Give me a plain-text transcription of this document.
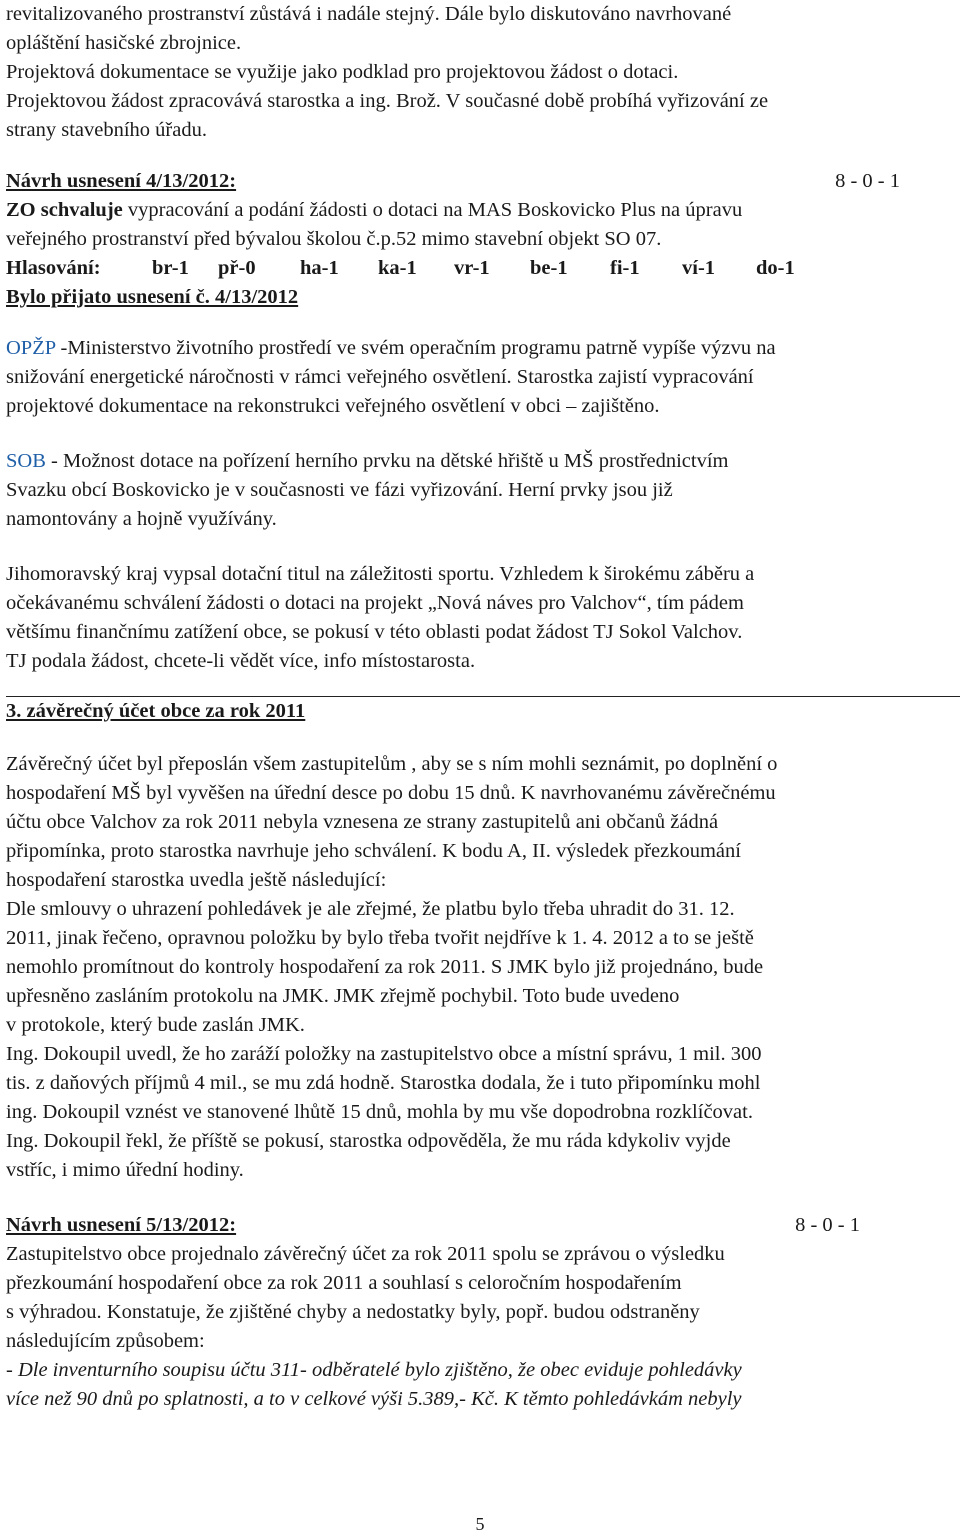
revitalizovaného prostranství zůstává i nadále stejný. Dále bylo diskutováno navrhované

opláštění hasičské zbrojnice.

Projektová dokumentace se využije jako podklad pro projektovou žádost o dotaci.

Projektovou žádost zpracovává starostka a ing. Brož. V současné době probíhá vyřizování ze

strany stavebního úřadu.

Návrh usnesení 4/13/2012:	8 - 0 - 1

ZO schvaluje vypracování a podání žádosti o dotaci na MAS Boskovicko Plus na úpravu

veřejného prostranství před bývalou školou č.p.52 mimo stavební objekt SO 07.

Hlasování:	br-1	př-0	ha-1	ka-1	vr-1	be-1	fi-1	ví-1	do-1

Bylo přijato usnesení č. 4/13/2012

OPŽP -Ministerstvo životního prostředí ve svém operačním programu patrně vypíše výzvu na

snižování energetické náročnosti v rámci veřejného osvětlení. Starostka zajistí vypracování

projektové dokumentace na rekonstrukci veřejného osvětlení v obci – zajištěno.

SOB - Možnost dotace na pořízení herního prvku na dětské hřiště u MŠ prostřednictvím

Svazku obcí Boskovicko je v současnosti ve fázi vyřizování. Herní prvky jsou již

namontovány a hojně využívány.

Jihomoravský kraj vypsal dotační titul na záležitosti sportu. Vzhledem k širokému záběru a

očekávanému schválení žádosti o dotaci na projekt „Nová náves pro Valchov“, tím pádem

většímu finančnímu zatížení obce, se pokusí v této oblasti podat žádost TJ Sokol Valchov.

TJ podala žádost, chcete-li vědět více, info místostarosta.

3. závěrečný účet obce za rok 2011

Závěrečný účet byl přeposlán všem zastupitelům , aby se s ním mohli seznámit, po doplnění o

hospodaření MŠ byl vyvěšen na úřední desce po dobu 15 dnů. K navrhovanému závěrečnému

účtu obce Valchov za rok 2011 nebyla vznesena ze strany zastupitelů ani občanů žádná

připomínka, proto starostka navrhuje jeho schválení. K bodu A, II. výsledek přezkoumání

hospodaření starostka uvedla ještě následující:

Dle smlouvy o uhrazení pohledávek je ale zřejmé, že platbu bylo třeba uhradit do 31. 12.

2011, jinak řečeno, opravnou položku by bylo třeba tvořit nejdříve k 1. 4. 2012 a to se ještě

nemohlo promítnout do kontroly hospodaření za rok 2011. S JMK bylo již projednáno, bude

upřesněno zasláním protokolu na JMK. JMK zřejmě pochybil. Toto bude uvedeno

v protokole, který bude zaslán JMK.

Ing. Dokoupil uvedl, že ho zaráží položky na zastupitelstvo obce a místní správu, 1 mil. 300

tis. z daňových příjmů 4 mil., se mu zdá hodně. Starostka dodala, že i tuto připomínku mohl

ing. Dokoupil vznést ve stanovené lhůtě 15 dnů, mohla by mu vše dopodrobna rozklíčovat.

Ing. Dokoupil řekl, že příště se pokusí, starostka odpověděla, že mu ráda kdykoliv vyjde

vstříc, i mimo úřední hodiny.

Návrh usnesení 5/13/2012:	8 - 0 - 1

Zastupitelstvo obce projednalo závěrečný účet za rok 2011 spolu se zprávou o výsledku

přezkoumání hospodaření obce za rok 2011 a souhlasí s celoročním hospodařením

s výhradou. Konstatuje, že zjištěné chyby a nedostatky byly, popř. budou odstraněny

následujícím způsobem:

- Dle inventurního soupisu účtu 311- odběratelé bylo zjištěno, že obec eviduje pohledávky

více než 90 dnů po splatnosti, a to v celkové výši 5.389,- Kč. K těmto pohledávkám nebyly

5
